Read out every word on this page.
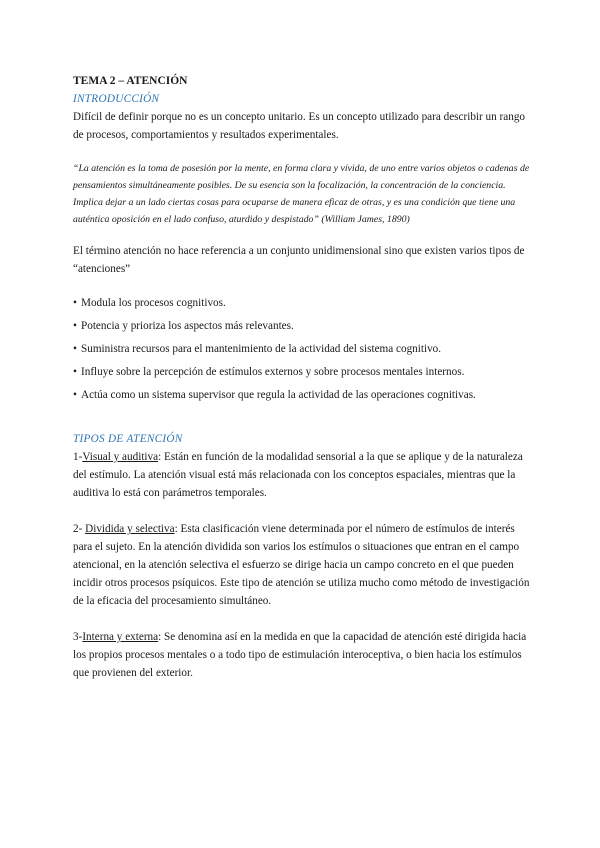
TEMA 2 – ATENCIÓN

INTRODUCCIÓN

Difícil de definir porque no es un concepto unitario. Es un concepto utilizado para describir un rango de procesos, comportamientos y resultados experimentales.

“La atención es la toma de posesión por la mente, en forma clara y vívida, de uno entre varios objetos o cadenas de pensamientos simultáneamente posibles. De su esencia son la focalización, la concentración de la conciencia. Implica dejar a un lado ciertas cosas para ocuparse de manera eficaz de otras, y es una condición que tiene una auténtica oposición en el lado confuso, aturdido y despistado” (William James, 1890)

El término atención no hace referencia a un conjunto unidimensional sino que existen varios tipos de “atenciones”

• Modula los procesos cognitivos.
• Potencia y prioriza los aspectos más relevantes.
• Suministra recursos para el mantenimiento de la actividad del sistema cognitivo.
• Influye sobre la percepción de estímulos externos y sobre procesos mentales internos.
• Actúa como un sistema supervisor que regula la actividad de las operaciones cognitivas.

TIPOS DE ATENCIÓN

1-Visual y auditiva: Están en función de la modalidad sensorial a la que se aplique y de la naturaleza del estímulo. La atención visual está más relacionada con los conceptos espaciales, mientras que la auditiva lo está con parámetros temporales.

2- Dividida y selectiva: Esta clasificación viene determinada por el número de estímulos de interés para el sujeto. En la atención dividida son varios los estímulos o situaciones que entran en el campo atencional, en la atención selectiva el esfuerzo se dirige hacia un campo concreto en el que pueden incidir otros procesos psíquicos. Este tipo de atención se utiliza mucho como método de investigación de la eficacia del procesamiento simultáneo.

3-Interna y externa: Se denomina así en la medida en que la capacidad de atención esté dirigida hacia los propios procesos mentales o a todo tipo de estimulación interoceptiva, o bien hacia los estímulos que provienen del exterior.
